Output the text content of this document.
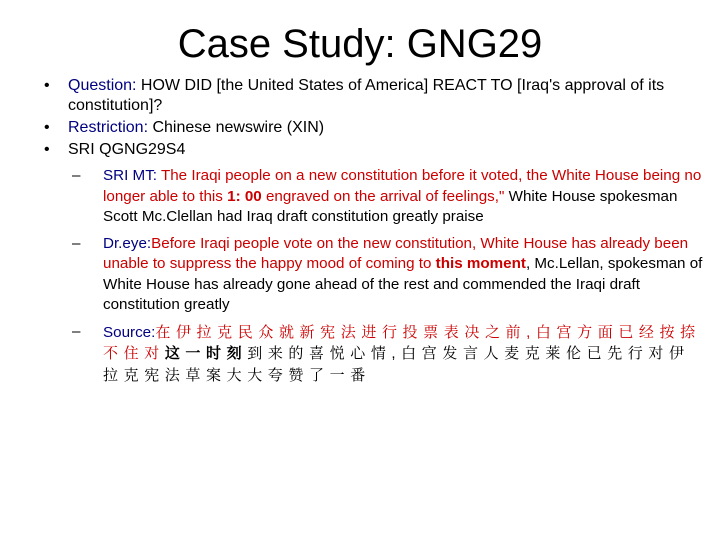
Case Study: GNG29
• Question: HOW DID [the United States of America] REACT TO [Iraq's approval of its constitution]?
• Restriction: Chinese newswire (XIN)
• SRI QGNG29S4
– SRI MT: The Iraqi people on a new constitution before it voted, the White House being no longer able to this 1: 00 engraved on the arrival of feelings," White House spokesman Scott Mc.Clellan had Iraq draft constitution greatly praise
– Dr.eye:Before Iraqi people vote on the new constitution, White House has already been unable to suppress the happy mood of coming to this moment, Mc.Lellan, spokesman of White House has already gone ahead of the rest and commended the Iraqi draft constitution greatly
– Source:在伊拉克民众就新宪法进行投票表决之前,白宫方面已经按捺不住对这一时刻到来的喜悦心情,白宫发言人麦克莱伦已先行对伊拉克宪法草案大大夸赞了一番
